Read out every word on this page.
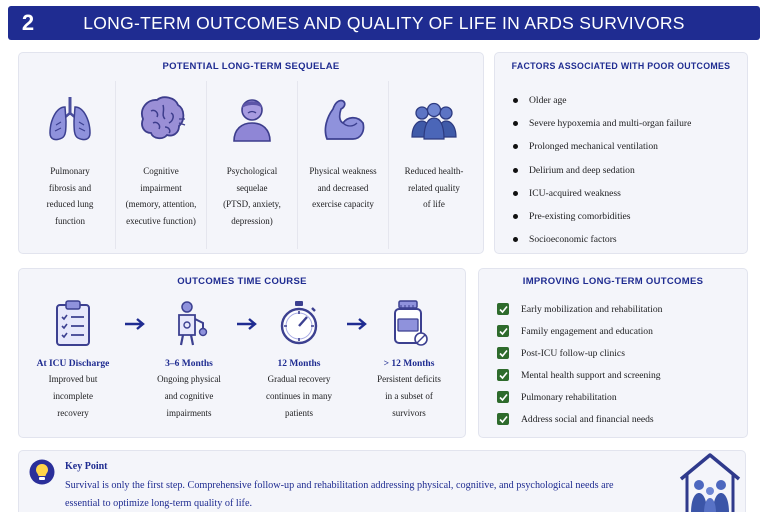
2	LONG-TERM OUTCOMES AND QUALITY OF LIFE IN ARDS SURVIVORS
POTENTIAL LONG-TERM SEQUELAE
Pulmonary
fibrosis and
reduced lung
function
Cognitive
impairment
(memory, attention,
executive function)
Psychological
sequelae
(PTSD, anxiety,
depression)
Physical weakness
and decreased
exercise capacity
Reduced health-
related quality
of life
FACTORS ASSOCIATED WITH POOR OUTCOMES
Older age
Severe hypoxemia and multi-organ failure
Prolonged mechanical ventilation
Delirium and deep sedation
ICU-acquired weakness
Pre-existing comorbidities
Socioeconomic factors
OUTCOMES TIME COURSE
At ICU Discharge
Improved but
incomplete
recovery
3–6 Months
Ongoing physical
and cognitive
impairments
12 Months
Gradual recovery
continues in many
patients
> 12 Months
Persistent deficits
in a subset of
survivors
IMPROVING LONG-TERM OUTCOMES
Early mobilization and rehabilitation
Family engagement and education
Post-ICU follow-up clinics
Mental health support and screening
Pulmonary rehabilitation
Address social and financial needs
Key Point
Survival is only the first step. Comprehensive follow-up and rehabilitation addressing physical, cognitive, and psychological needs are essential to optimize long-term quality of life.
